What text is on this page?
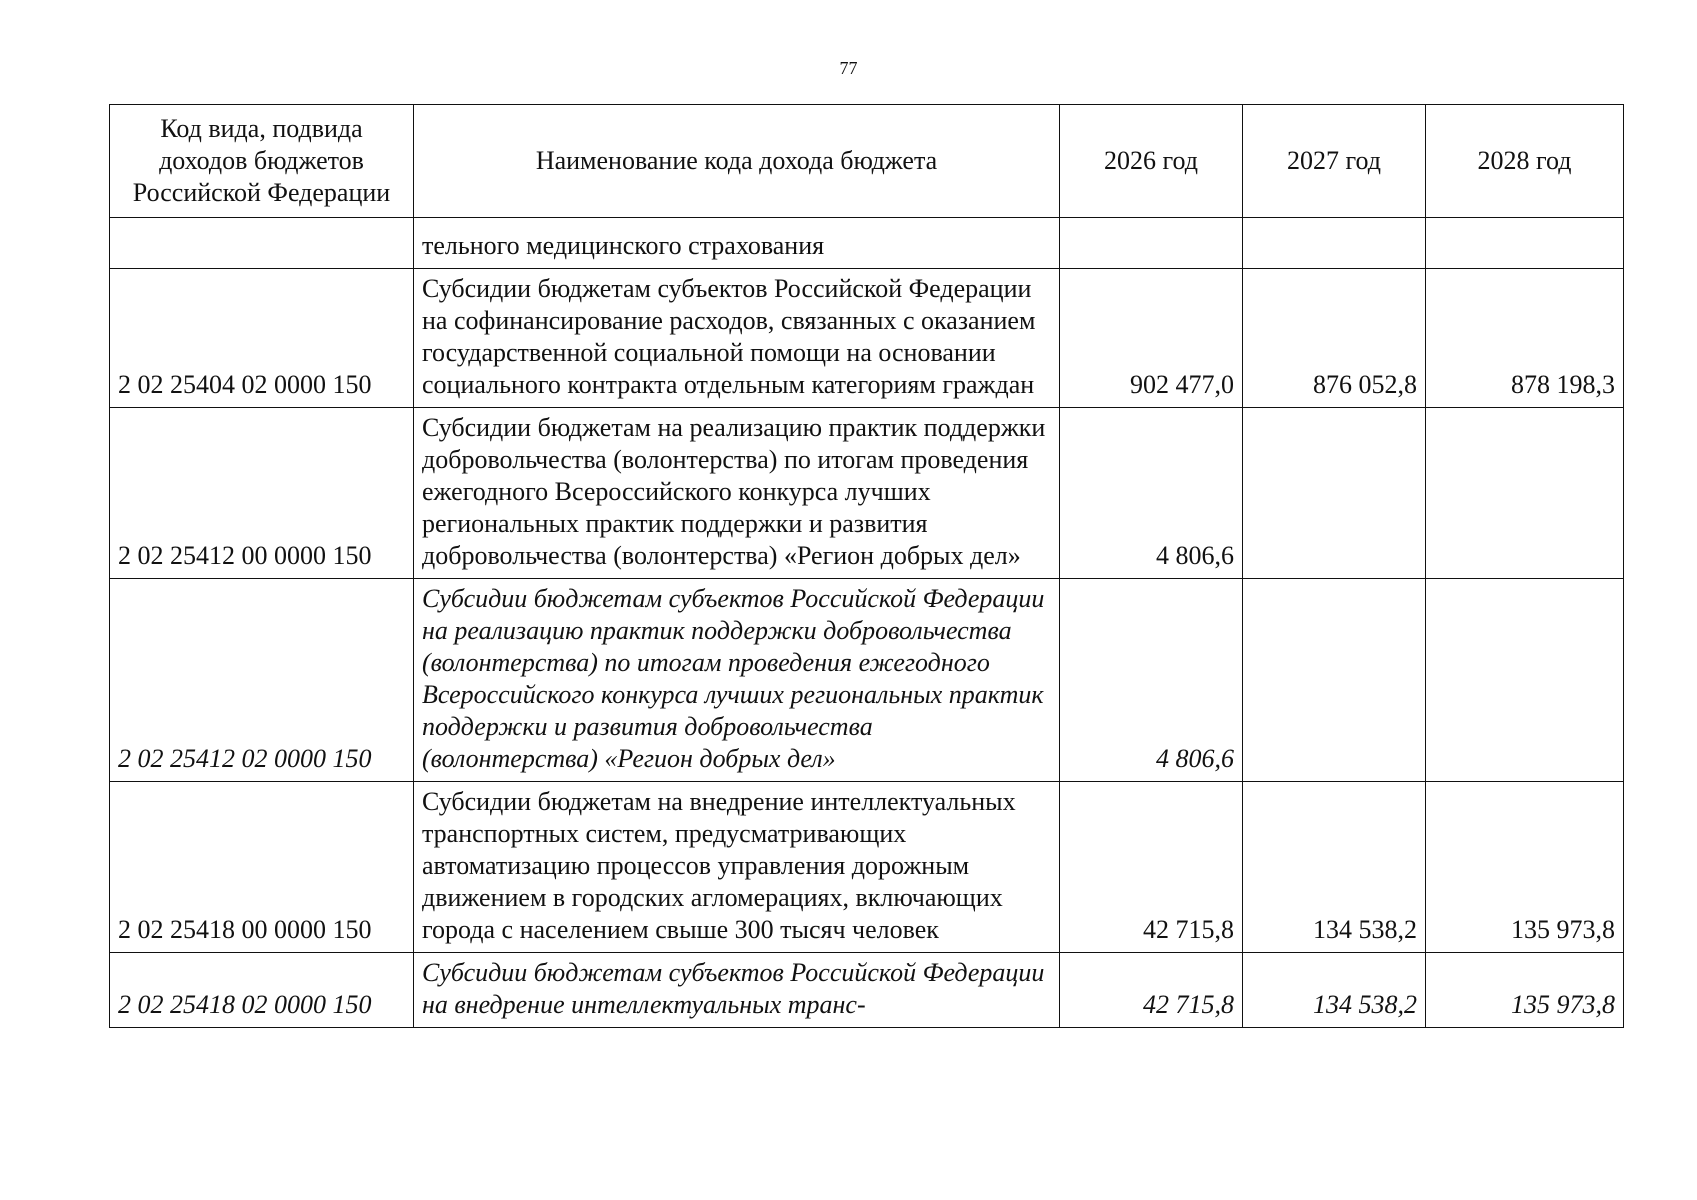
77
Код вида, подвида доходов бюджетов Российской Федерации	Наименование кода дохода бюджета	2026 год	2027 год	2028 год
	тельного медицинского страхования			
2 02 25404 02 0000 150	Субсидии бюджетам субъектов Российской Федерации на софинансирование расходов, связанных с оказанием государственной социальной помощи на основании социального контракта отдельным категориям граждан	902 477,0	876 052,8	878 198,3
2 02 25412 00 0000 150	Субсидии бюджетам на реализацию практик поддержки добровольчества (волонтерства) по итогам проведения ежегодного Всероссийского конкурса лучших региональных практик поддержки и развития добровольчества (волонтерства) «Регион добрых дел»	4 806,6		
2 02 25412 02 0000 150	Субсидии бюджетам субъектов Российской Федерации на реализацию практик поддержки добровольчества (волонтерства) по итогам проведения ежегодного Всероссийского конкурса лучших региональных практик поддержки и развития добровольчества (волонтерства) «Регион добрых дел»	4 806,6		
2 02 25418 00 0000 150	Субсидии бюджетам на внедрение интеллектуальных транспортных систем, предусматривающих автоматизацию процессов управления дорожным движением в городских агломерациях, включающих города с населением свыше 300 тысяч человек	42 715,8	134 538,2	135 973,8
2 02 25418 02 0000 150	Субсидии бюджетам субъектов Российской Федерации на внедрение интеллектуальных транс-	42 715,8	134 538,2	135 973,8
